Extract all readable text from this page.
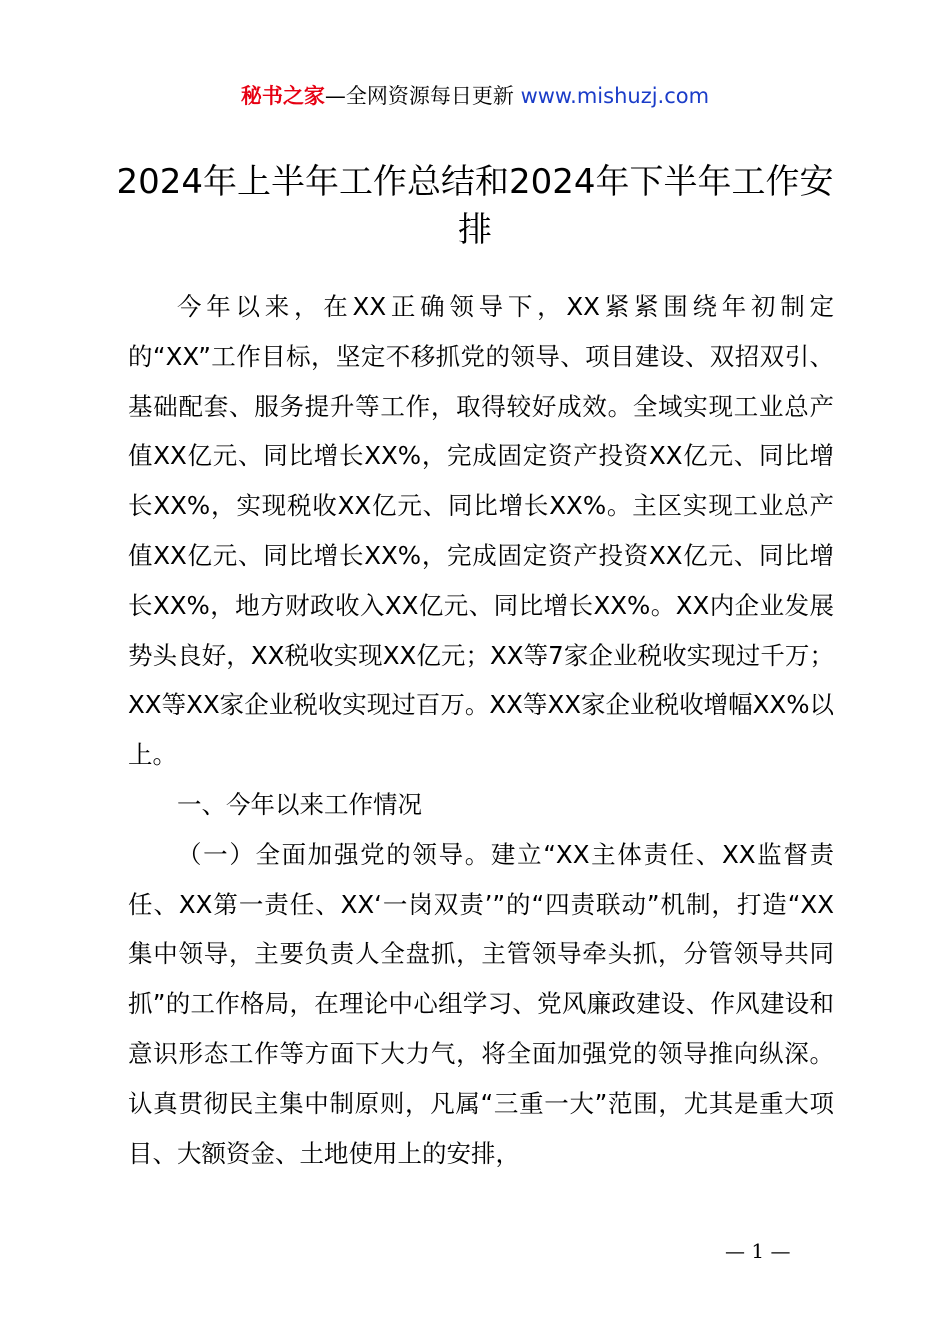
秘书之家—全网资源每日更新 www.mishuzj.com
2024年上半年工作总结和2024年下半年工作安排

今年以来，在XX正确领导下，XX紧紧围绕年初制定的“XX”工作目标，坚定不移抓党的领导、项目建设、双招双引、基础配套、服务提升等工作，取得较好成效。全域实现工业总产值XX亿元、同比增长XX%，完成固定资产投资XX亿元、同比增长XX%，实现税收XX亿元、同比增长XX%。主区实现工业总产值XX亿元、同比增长XX%，完成固定资产投资XX亿元、同比增长XX%，地方财政收入XX亿元、同比增长XX%。XX内企业发展势头良好，XX税收实现XX亿元；XX等7家企业税收实现过千万；XX等XX家企业税收实现过百万。XX等XX家企业税收增幅XX%以上。

一、今年以来工作情况

（一）全面加强党的领导。建立“XX主体责任、XX监督责任、XX第一责任、XX‘一岗双责’”的“四责联动”机制，打造“XX集中领导，主要负责人全盘抓，主管领导牵头抓，分管领导共同抓”的工作格局，在理论中心组学习、党风廉政建设、作风建设和意识形态工作等方面下大力气，将全面加强党的领导推向纵深。认真贯彻民主集中制原则，凡属“三重一大”范围，尤其是重大项目、大额资金、土地使用上的安排，

— 1 —
